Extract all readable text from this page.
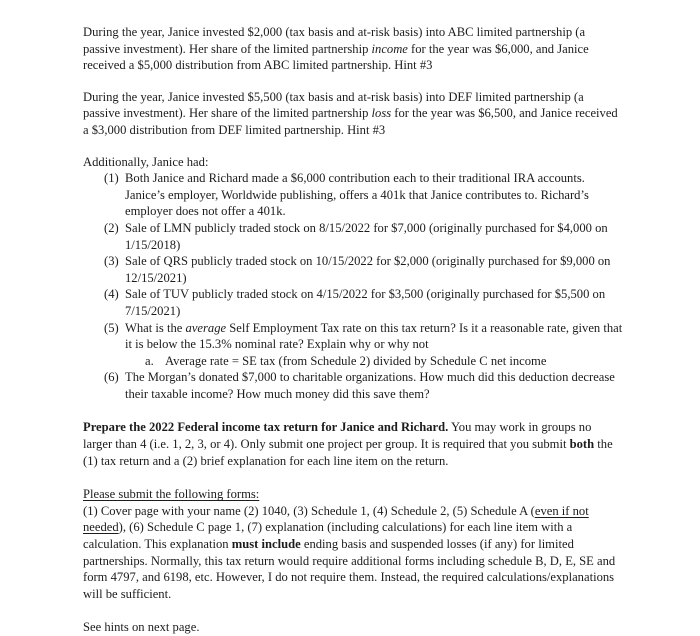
During the year, Janice invested $2,000 (tax basis and at-risk basis) into ABC limited partnership (a passive investment). Her share of the limited partnership income for the year was $6,000, and Janice received a $5,000 distribution from ABC limited partnership. Hint #3

During the year, Janice invested $5,500 (tax basis and at-risk basis) into DEF limited partnership (a passive investment). Her share of the limited partnership loss for the year was $6,500, and Janice received a $3,000 distribution from DEF limited partnership. Hint #3

Additionally, Janice had:

(1) Both Janice and Richard made a $6,000 contribution each to their traditional IRA accounts. Janice’s employer, Worldwide publishing, offers a 401k that Janice contributes to. Richard’s employer does not offer a 401k.
(2) Sale of LMN publicly traded stock on 8/15/2022 for $7,000 (originally purchased for $4,000 on 1/15/2018)
(3) Sale of QRS publicly traded stock on 10/15/2022 for $2,000 (originally purchased for $9,000 on 12/15/2021)
(4) Sale of TUV publicly traded stock on 4/15/2022 for $3,500 (originally purchased for $5,500 on 7/15/2021)
(5) What is the average Self Employment Tax rate on this tax return? Is it a reasonable rate, given that it is below the 15.3% nominal rate? Explain why or why not
a. Average rate = SE tax (from Schedule 2) divided by Schedule C net income
(6) The Morgan’s donated $7,000 to charitable organizations. How much did this deduction decrease their taxable income? How much money did this save them?

Prepare the 2022 Federal income tax return for Janice and Richard. You may work in groups no larger than 4 (i.e. 1, 2, 3, or 4). Only submit one project per group. It is required that you submit both the (1) tax return and a (2) brief explanation for each line item on the return.

Please submit the following forms:
(1) Cover page with your name (2) 1040, (3) Schedule 1, (4) Schedule 2, (5) Schedule A (even if not needed), (6) Schedule C page 1, (7) explanation (including calculations) for each line item with a calculation. This explanation must include ending basis and suspended losses (if any) for limited partnerships. Normally, this tax return would require additional forms including schedule B, D, E, SE and form 4797, and 6198, etc. However, I do not require them. Instead, the required calculations/explanations will be sufficient.

See hints on next page.
